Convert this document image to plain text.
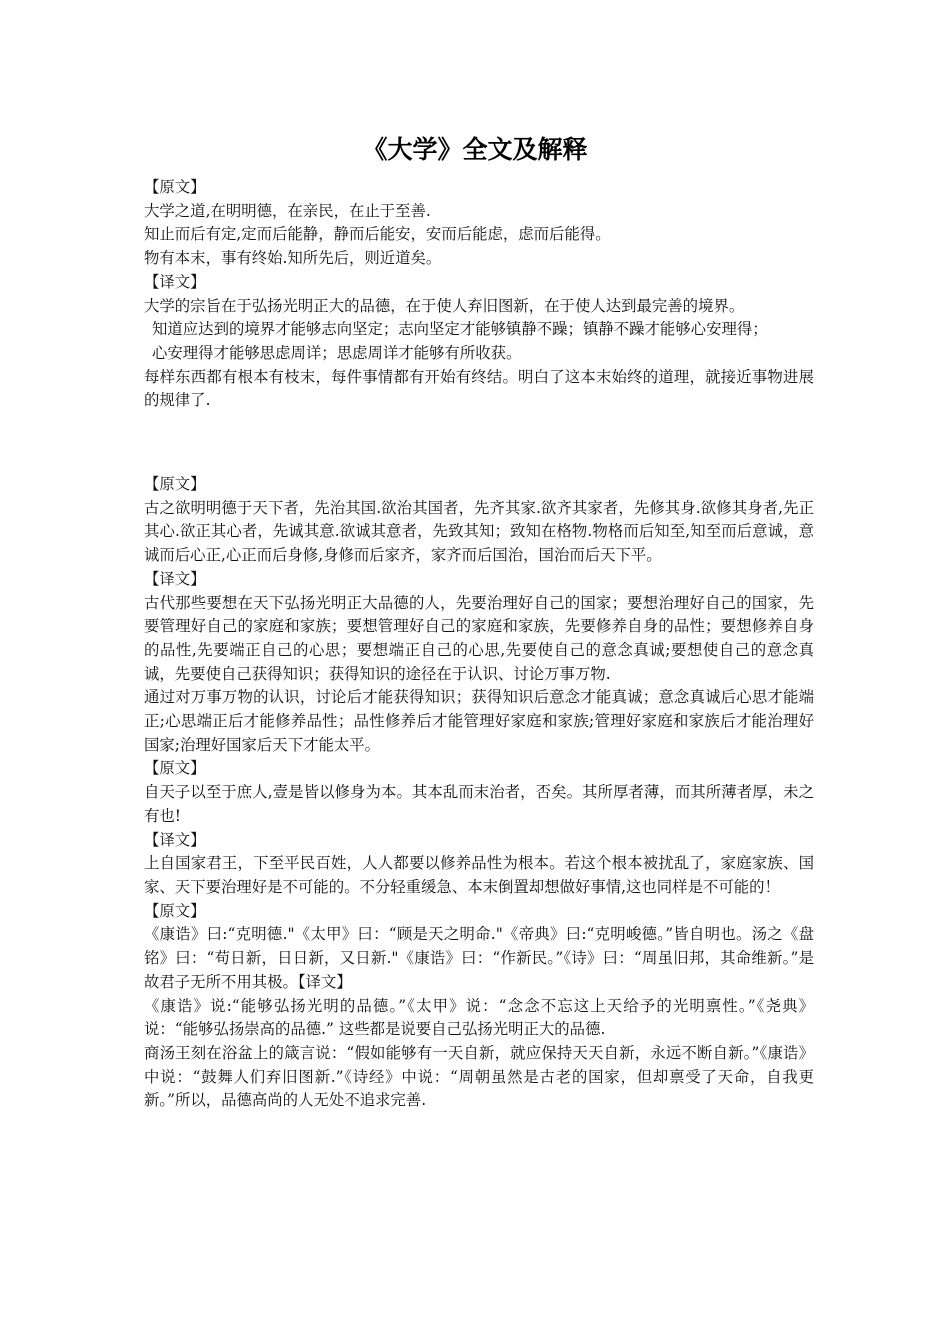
《大学》全文及解释

【原文】

大学之道,在明明德，在亲民，在止于至善.

知止而后有定,定而后能静，静而后能安，安而后能虑，虑而后能得。

物有本末，事有终始.知所先后，则近道矣。

【译文】

大学的宗旨在于弘扬光明正大的品德，在于使人弃旧图新，在于使人达到最完善的境界。

知道应达到的境界才能够志向坚定；志向坚定才能够镇静不躁；镇静不躁才能够心安理得；

心安理得才能够思虑周详；思虑周详才能够有所收获。

每样东西都有根本有枝末，每件事情都有开始有终结。明白了这本末始终的道理，就接近事物进展的规律了.

【原文】

古之欲明明德于天下者，先治其国.欲治其国者，先齐其家.欲齐其家者，先修其身.欲修其身者,先正其心.欲正其心者，先诚其意.欲诚其意者，先致其知；致知在格物.物格而后知至,知至而后意诚，意诚而后心正,心正而后身修,身修而后家齐，家齐而后国治，国治而后天下平。

【译文】

古代那些要想在天下弘扬光明正大品德的人，先要治理好自己的国家；要想治理好自己的国家，先要管理好自己的家庭和家族；要想管理好自己的家庭和家族，先要修养自身的品性；要想修养自身的品性,先要端正自己的心思；要想端正自己的心思,先要使自己的意念真诚;要想使自己的意念真诚，先要使自己获得知识；获得知识的途径在于认识、讨论万事万物.

通过对万事万物的认识，讨论后才能获得知识；获得知识后意念才能真诚；意念真诚后心思才能端正;心思端正后才能修养品性；品性修养后才能管理好家庭和家族;管理好家庭和家族后才能治理好国家;治理好国家后天下才能太平。

【原文】

自天子以至于庶人,壹是皆以修身为本。其本乱而末治者，否矣。其所厚者薄，而其所薄者厚，未之有也!

【译文】

上自国家君王，下至平民百姓，人人都要以修养品性为根本。若这个根本被扰乱了，家庭家族、国家、天下要治理好是不可能的。不分轻重缓急、本末倒置却想做好事情,这也同样是不可能的！

【原文】

《康诰》曰:“克明德."《太甲》曰：“顾是天之明命."《帝典》曰:“克明峻德。”皆自明也。汤之《盘铭》曰：“苟日新，日日新，又日新."《康诰》曰：“作新民。”《诗》曰：“周虽旧邦，其命维新。”是故君子无所不用其极。【译文】

《康诰》说:“能够弘扬光明的品德。”《太甲》说：“念念不忘这上天给予的光明禀性。”《尧典》说：“能够弘扬崇高的品德.” 这些都是说要自己弘扬光明正大的品德.

商汤王刻在浴盆上的箴言说：“假如能够有一天自新，就应保持天天自新，永远不断自新。”《康诰》中说：“鼓舞人们弃旧图新.”《诗经》中说：“周朝虽然是古老的国家，但却禀受了天命，自我更新。”所以，品德高尚的人无处不追求完善.
